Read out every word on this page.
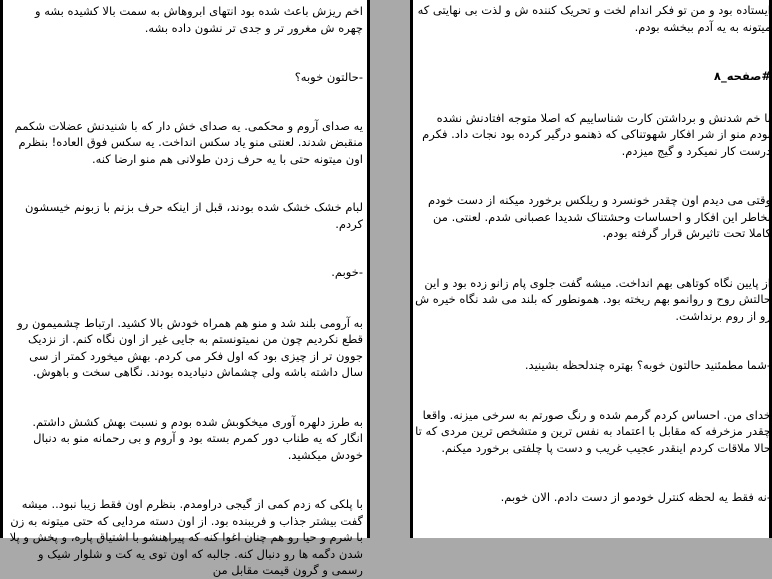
اخم ریزش باعث شده بود انتهای ابروهاش به سمت بالا کشیده بشه و چهره ش مغرور تر و جدی تر نشون داده بشه.

-حالتون خوبه؟

یه صدای آروم و محکمی. یه صدای خش دار که با شنیدنش عضلات شکمم منقبض شدند. لعنتی منو یاد سکس انداخت. یه سکس فوق العاده! بنظرم اون میتونه حتی با یه حرف زدن طولانی هم منو ارضا کنه.

لبام خشک خشک شده بودند، قبل از اینکه حرف بزنم با زبونم خیسشون کردم.

-خوبم.

به آرومی بلند شد و منو هم همراه خودش بالا کشید. ارتباط چشمیمون رو قطع نکردیم چون من نمیتونستم به جایی غیر از اون نگاه کنم. از نزدیک جوون تر از چیزی بود که اول فکر می کردم. بهش میخورد کمتر از سی سال داشته باشه ولی چشماش دنیادیده بودند. نگاهی سخت و باهوش.

به طرز دلهره آوری میخکوبش شده بودم و نسبت بهش کشش داشتم. انگار که یه طناب دور کمرم بسته بود و آروم و بی رحمانه منو به دنبال خودش میکشید.

با پلکی که زدم کمی از گیجی دراومدم. بنظرم اون فقط زیبا نبود.. میشه گفت بیشتر جذاب و فریبنده بود. از اون دسته مردایی که حتی میتونه به زن با شرم و حیا رو هم چنان اغوا کنه که پیراهنشو با اشتیاق پاره، و پخش و پلا شدن دگمه ها رو دنبال کنه. جالبه که اون توی یه کت و شلوار شیک و رسمی و گرون قیمت مقابل من

ایستاده بود و من تو فکر اندام لخت و تحریک کننده ش و لذت بی نهایتی که میتونه به یه آدم ببخشه بودم.

#صفحه_۸

با خم شدنش و برداشتن کارت شناساییم که اصلا متوجه افتادنش نشده بودم منو از شر افکار شهوتناکی که ذهنمو درگیر کرده بود نجات داد. فکرم درست کار نمیکرد و گیج میزدم.

وقتی می دیدم اون چقدر خونسرد و ریلکس برخورد میکنه از دست خودم بخاطر این افکار و احساسات وحشتناک شدیدا عصبانی شدم. لعنتی. من کاملا تحت تاثیرش قرار گرفته بودم.

از پایین نگاه کوتاهی بهم انداخت. میشه گفت جلوی پام زانو زده بود و این حالتش روح و روانمو بهم ریخته بود. همونطور که بلند می شد نگاه خیره ش رو از روم برنداشت.

-شما مطمئنید حالتون خوبه؟ بهتره چندلحظه بشینید.

خدای من. احساس کردم گرمم شده و رنگ صورتم به سرخی میزنه. واقعا چقدر مزخرفه که مقابل با اعتماد به نفس ترین و متشخص ترین مردی که تا حالا ملاقات کردم اینقدر عجیب غریب و دست پا چلفتی برخورد میکنم.

-نه فقط یه لحظه کنترل خودمو از دست دادم. الان خوبم.
